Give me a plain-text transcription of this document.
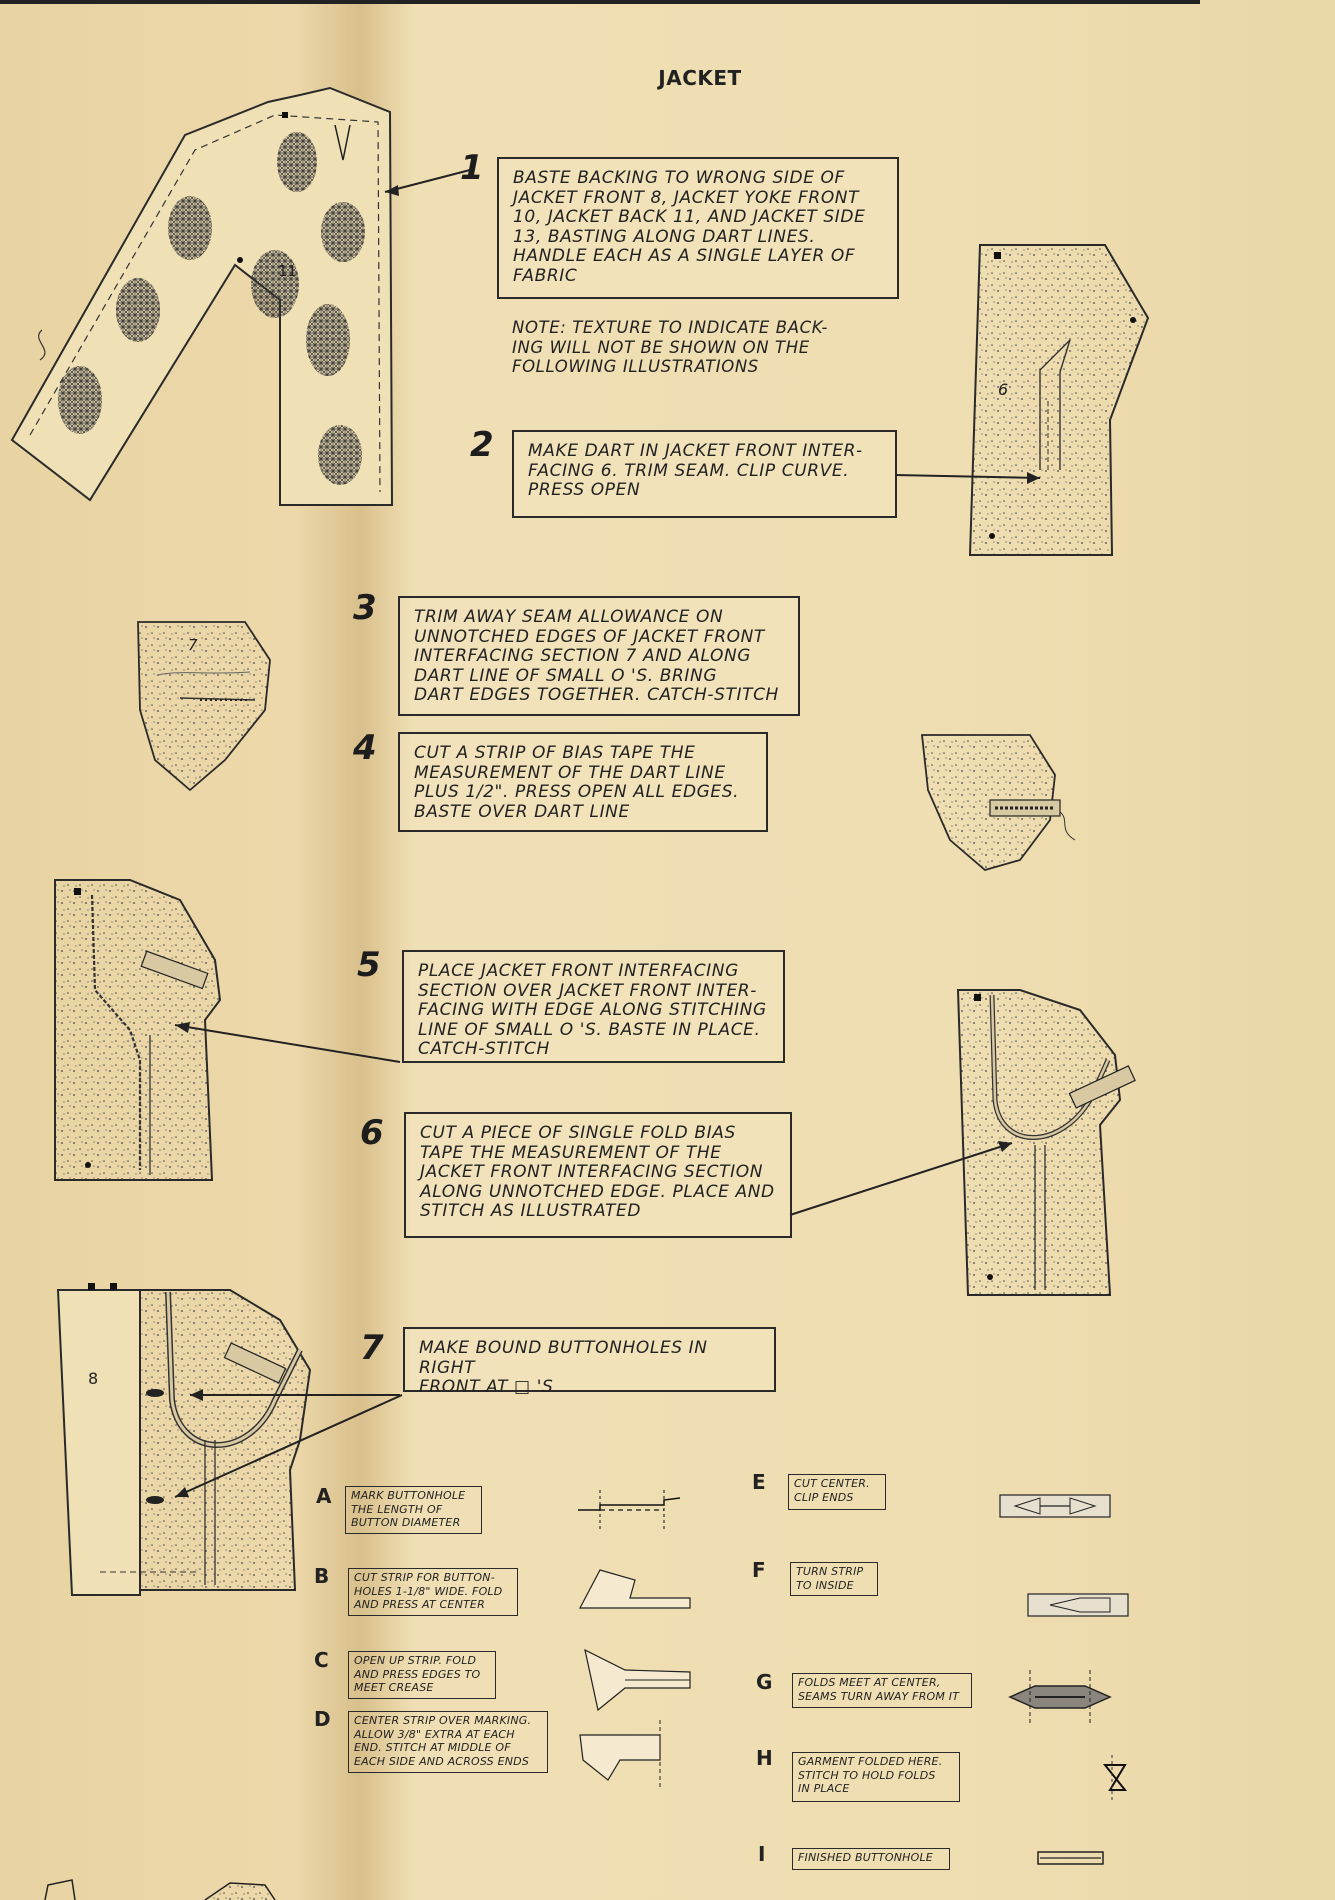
JACKET
11
6
7
8
1	BASTE BACKING TO WRONG SIDE OF
JACKET FRONT 8, JACKET YOKE FRONT
10, JACKET BACK 11, AND JACKET SIDE
13, BASTING ALONG DART LINES.
HANDLE EACH AS A SINGLE LAYER OF
FABRIC
NOTE: TEXTURE TO INDICATE BACK-
ING WILL NOT BE SHOWN ON THE
FOLLOWING ILLUSTRATIONS
2	MAKE DART IN JACKET FRONT INTER-
FACING 6. TRIM SEAM. CLIP CURVE.
PRESS OPEN
3	TRIM AWAY SEAM ALLOWANCE ON
UNNOTCHED EDGES OF JACKET FRONT
INTERFACING SECTION 7 AND ALONG
DART LINE OF SMALL Ο 'S. BRING
DART EDGES TOGETHER. CATCH-STITCH
4	CUT A STRIP OF BIAS TAPE THE
MEASUREMENT OF THE DART LINE
PLUS 1/2". PRESS OPEN ALL EDGES.
BASTE OVER DART LINE
5	PLACE JACKET FRONT INTERFACING
SECTION OVER JACKET FRONT INTER-
FACING WITH EDGE ALONG STITCHING
LINE OF SMALL Ο 'S. BASTE IN PLACE.
CATCH-STITCH
6	CUT A PIECE OF SINGLE FOLD BIAS
TAPE THE MEASUREMENT OF THE
JACKET FRONT INTERFACING SECTION
ALONG UNNOTCHED EDGE. PLACE AND
STITCH AS ILLUSTRATED
7	MAKE BOUND BUTTONHOLES IN RIGHT
FRONT AT □ 'S
A	MARK BUTTONHOLE
THE LENGTH OF
BUTTON DIAMETER
B	CUT STRIP FOR BUTTON-
HOLES 1-1/8" WIDE. FOLD
AND PRESS AT CENTER
C	OPEN UP STRIP. FOLD
AND PRESS EDGES TO
MEET CREASE
D	CENTER STRIP OVER MARKING.
ALLOW 3/8" EXTRA AT EACH
END. STITCH AT MIDDLE OF
EACH SIDE AND ACROSS ENDS
E	CUT CENTER.
CLIP ENDS
F	TURN STRIP
TO INSIDE
G	FOLDS MEET AT CENTER,
SEAMS TURN AWAY FROM IT
H	GARMENT FOLDED HERE.
STITCH TO HOLD FOLDS
IN PLACE
I	FINISHED BUTTONHOLE
